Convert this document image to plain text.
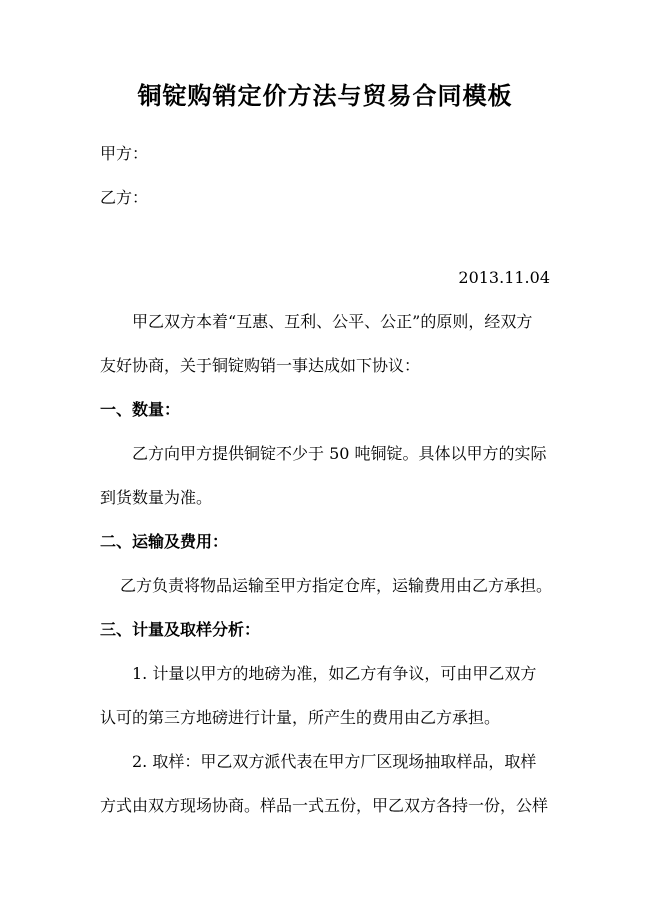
铜锭购销定价方法与贸易合同模板
甲方：
乙方：
2013.11.04
甲乙双方本着“互惠、互利、公平、公正”的原则，经双方
友好协商，关于铜锭购销一事达成如下协议：
一、数量：
乙方向甲方提供铜锭不少于 50 吨铜锭。具体以甲方的实际
到货数量为准。
二、运输及费用：
乙方负责将物品运输至甲方指定仓库，运输费用由乙方承担。
三、计量及取样分析：
1. 计量以甲方的地磅为准，如乙方有争议，可由甲乙双方
认可的第三方地磅进行计量，所产生的费用由乙方承担。
2. 取样：甲乙双方派代表在甲方厂区现场抽取样品，取样
方式由双方现场协商。样品一式五份，甲乙双方各持一份，公样
